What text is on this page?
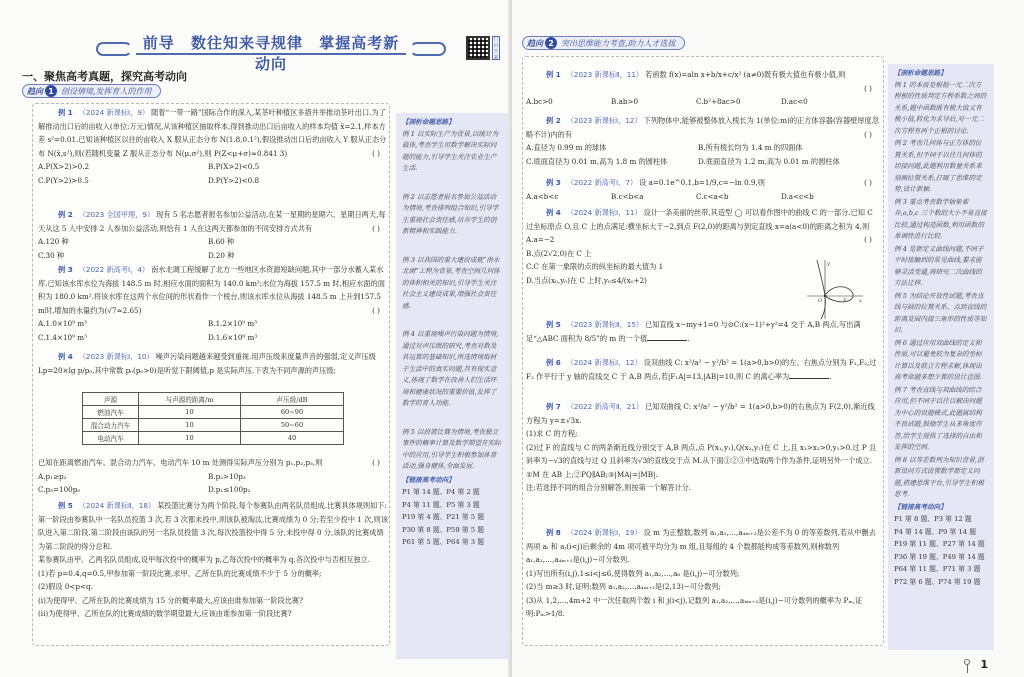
前导 数往知来寻规律 掌握高考新动向
扫码答案
一、聚焦高考真题，探究高考动向
趋向 1 创设情境,发挥育人的作用
例 1 （2024 新课标Ⅰ，9） 随着“一带一路”国际合作的深入,某茶叶种植区多措并举推动茶叶出口.为了解推动出口后的亩收入(单位:万元)情况,从该种植区抽取样本,得到推动出口后亩收入的样本均值 x̄=2.1,样本方差 s²=0.01.已知该种植区以往的亩收入 X 服从正态分布 N(1.8,0.1²),假设推动出口后的亩收入 Y 服从正态分布 N(x̄,s²),则(若随机变量 Z 服从正态分布 N(μ,σ²),则 P(Z<μ+σ)≈0.841 3)	( )
A.P(X>2)>0.2	B.P(X>2)<0.5
C.P(Y>2)>0.5	D.P(Y>2)<0.8
例 2 （2023 全国甲理，9） 现有 5 名志愿者报名参加公益活动,在某一星期的星期六、星期日两天,每天从这 5 人中安排 2 人参加公益活动,则恰有 1 人在这两天都参加的不同安排方式共有	( )
A.120 种	B.60 种
C.30 种	D.20 种
例 3 （2022 新高考Ⅰ，4） 南水北调工程缓解了北方一些地区水资源短缺问题,其中一部分水蓄入某水库.已知该水库水位为海拔 148.5 m 时,相应水面的面积为 140.0 km²;水位为海拔 157.5 m 时,相应水面的面积为 180.0 km².将该水库在这两个水位间的形状看作一个棱台,则该水库水位从海拔 148.5 m 上升到157.5 m时,增加的水量约为(√7≈2.65)	( )
A.1.0×10⁹ m³	B.1.2×10⁹ m³
C.1.4×10⁹ m³	D.1.6×10⁹ m³
例 4 （2023 新课标Ⅰ，10） 噪声污染问题越来越受到重视.用声压级来度量声音的强弱,定义声压级 Lp=20×lg p/p₀,其中常数 p₀(p₀>0)是听觉下限阈值,p 是实际声压.下表为不同声源的声压级:
声源	与声源的距离/m	声压级/dB
燃油汽车	10	60~90
混合动力汽车	10	50~60
电动汽车	10	40
已知在距离燃油汽车、混合动力汽车、电动汽车 10 m 处测得实际声压分别为 p₁,p₂,p₃,则	( )
A.p₁≥p₂	B.p₂>10p₃
C.p₃=100p₀	D.p₁≤100p₂
例 5 （2024 新课标Ⅱ，18） 某投篮比赛分为两个阶段,每个参赛队由两名队员组成.比赛具体规则如下:第一阶段由参赛队中一名队员投篮 3 次,若 3 次都未投中,则该队被淘汰,比赛成绩为 0 分;若至少投中 1 次,则该队进入第二阶段.第二阶段由该队的另一名队员投篮 3 次,每次投篮投中得 5 分,未投中得 0 分,该队的比赛成绩为第二阶段的得分总和.
某参赛队由甲、乙两名队员组成,设甲每次投中的概率为 p,乙每次投中的概率为 q,各次投中与否相互独立.
(1)若 p=0.4,q=0.5,甲参加第一阶段比赛,求甲、乙所在队的比赛成绩不少于 5 分的概率;
(2)假设 0<p<q.
(i)为使得甲、乙所在队的比赛成绩为 15 分的概率最大,应该由谁参加第一阶段比赛?
(ii)为使得甲、乙所在队的比赛成绩的数学期望最大,应该由谁参加第一阶段比赛?
【剖析命题思路】

例 1 以实际生产为背景,以统计为载体,考查学生用数学解决实际问题的能力,引导学生关注农业生产生活.

例 2 以志愿者报名参加公益活动为情境,考查排列组合知识,引导学生重视社会责任感,培养学生的创新精神和实践能力.

例 3 以我国的重大建设成就“南水北调”工程为背景,考查空间几何体的体积相关的知识,引导学生关注社会主义建设成果,增强社会责任感.

例 4 以重视噪声污染问题为情境,通过对声压级的研究,考查对数及其运算的基础知识,所选情境取材于生活中的真实问题,具有现实意义,体现了数学在改善人们生活环境和健康状况的重要价值,发挥了数学的育人功能.

例 5 以投篮比赛为情境,考查独立事件的概率计算及数学期望在实际中的应用,引导学生积极参加体育活动,强身健体,全面发展.

【链接高考动向】
P1 第 14 题、P4 第 2 题
P4 第 11 题、P5 第 3 题
P19 第 4 题、P21 第 5 题
P30 第 8 题、P59 第 5 题
P61 第 5 题、P64 第 3 题
趋向 2 突出思维能力考查,助力人才选拔
例 1 （2023 新课标Ⅱ，11） 若函数 f(x)=aln x+b/x+c/x² (a≠0)既有极大值也有极小值,则
( )
A.bc>0	B.ab>0	C.b²+8ac>0	D.ac<0
例 2 （2023 新课标Ⅰ，12） 下列物体中,能够被整体放入棱长为 1(单位:m)的正方体容器(容器壁厚度忽略不计)内的有	( )
A.直径为 0.99 m 的球体	B.所有棱长均为 1.4 m 的四面体
C.底面直径为 0.01 m,高为 1.8 m 的圆柱体	D.底面直径为 1.2 m,高为 0.01 m 的圆柱体
例 3 （2022 新高考Ⅰ，7） 设 a=0.1e^0.1,b=1/9,c=−ln 0.9,则	( )
A.a<b<c	B.c<b<a	C.c<a<b	D.a<c<b
例 4 （2024 新课标Ⅰ，11） 设计一条美丽的丝带,其造型 ◯ 可以看作图中的曲线 C 的一部分.已知 C 过坐标原点 O,且 C 上的点满足:横坐标大于−2,到点 F(2,0)的距离与到定直线 x=a(a<0)的距离之积为 4,则
( )
A.a=−2
B.点(2√2,0)在 C 上
C.C 在第一象限的点的纵坐标的最大值为 1
D.当点(x₀,y₀)在 C 上时,y₀≤4/(x₀+2)
y
x
O	F
例 5 （2023 新课标Ⅱ，15） 已知直线 x−my+1=0 与⊙C:(x−1)²+y²=4 交于 A,B 两点,写出满足“△ABC 面积为 8/5”的 m 的一个值	.
例 6 （2024 新课标Ⅰ，12） 设双曲线 C: x²/a² − y²/b² = 1(a>0,b>0)的左、右焦点分别为 F₁,F₂,过 F₂ 作平行于 y 轴的直线交 C 于 A,B 两点,若|F₁A|=13,|AB|=10,则 C 的离心率为	.
例 7 （2022 新高考Ⅱ，21） 已知双曲线 C: x²/a² − y²/b² = 1(a>0,b>0)的右焦点为 F(2,0),渐近线方程为 y=±√3x.
(1)求 C 的方程;
(2)过 F 的直线与 C 的两条渐近线分别交于 A,B 两点,点 P(x₁,y₁),Q(x₂,y₂)在 C 上,且 x₁>x₂>0,y₁>0.过 P 且斜率为−√3的直线与过 Q 且斜率为√3的直线交于点 M.从下面①②③中选取两个作为条件,证明另外一个成立.
①M 在 AB 上;②PQ∥AB;③|MA|=|MB|.
注:若选择不同的组合分别解答,则按第一个解答计分.
例 8 （2024 新课标Ⅰ，19） 设 m 为正整数,数列 a₁,a₂,…,a₄ₘ₊₂是公差不为 0 的等差数列,若从中删去两项 aᵢ 和 aⱼ(i<j)后剩余的 4m 项可被平均分为 m 组,且每组的 4 个数都能构成等差数列,则称数列 a₁,a₂,…,a₄ₘ₊₂是(i,j)−可分数列.
(1)写出所有(i,j),1≤i<j≤6,使得数列 a₁,a₂,…,a₆ 是(i,j)−可分数列;
(2)当 m≥3 时,证明:数列 a₁,a₂,…,a₄ₘ₊₂是(2,13)−可分数列;
(3)从 1,2,…,4m+2 中一次任取两个数 i 和 j(i<j),记数列 a₁,a₂,…,a₄ₘ₊₂是(i,j)−可分数列的概率为 Pₘ,证明:Pₘ>1/8.
【剖析命题思路】

例 1 的本质是根据一元二次方程根的性质判定方程系数之间的关系,题中函数既有极大值又有极小值,转化为求导后,对一元二次方程有两个正根的讨论.

例 2 考查几何体与正方体的位置关系,但不同于以往几何体的切接问题,此题利用数量关系来刻画位置关系,打破了思维的定势,设计新颖.

例 3 重点考查数学抽象素养,a,b,c 三个数的大小不易直接比较,通过构造函数,利用函数的单调性进行比较.

例 4 是新定义曲线问题,不同于平时接触到的常见曲线,要求能够灵活变通,将研究二次曲线的方法迁移.

例 5 为结论开放性试题,考查直线与圆的位置关系、点到直线的距离及圆内接三角形的性质等知识.

例 6 通过应用双曲线的定义和性质,可以避免较为复杂的坐标计算以及联立方程求解,体现出高考命题多想少算的设计意图.

例 7 考查直线与双曲线的综合应用,但不同于以往以解决问题为中心的设题模式,此题属结构不良试题,鼓励学生从多角度作答,给学生提供了选择的自由和发挥的空间.

例 8 以等差数列为知识背景,创新设问方式设置数学新定义问题,搭建思维平台,引导学生积极思考.

【链接高考动向】
P1 第 8 题、P3 第 12 题
P4 第 14 题、P9 第 14 题
P19 第 11 题、P27 第 14 题
P36 第 19 题、P49 第 14 题
P64 第 11 题、P71 第 3 题
P72 第 6 题、P74 第 19 题
1
